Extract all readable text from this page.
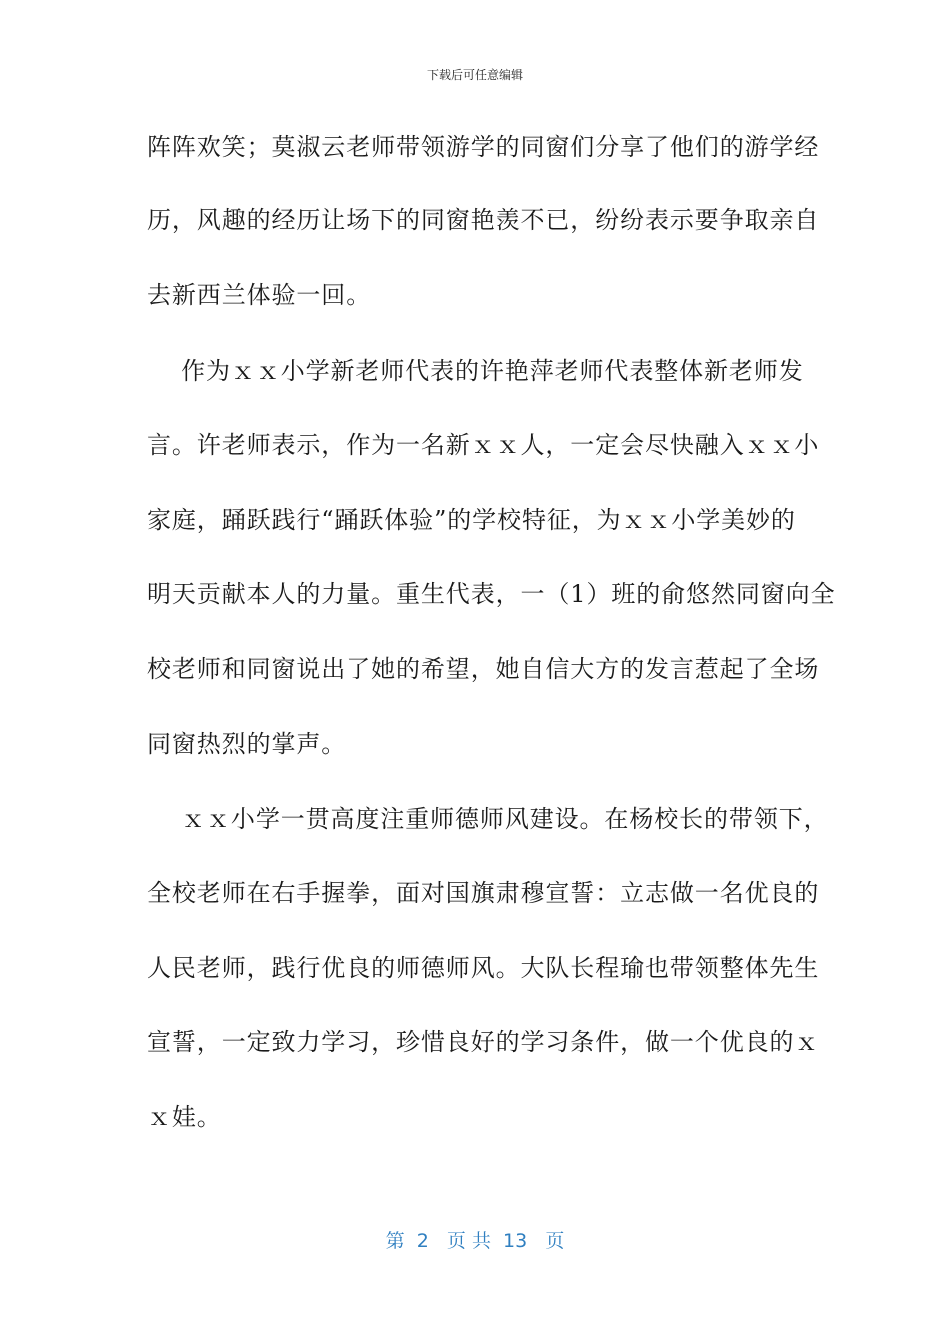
下载后可任意编辑
阵阵欢笑；莫淑云老师带领游学的同窗们分享了他们的游学经
历，风趣的经历让场下的同窗艳羡不已，纷纷表示要争取亲自
去新西兰体验一回。
作为ｘｘ小学新老师代表的许艳萍老师代表整体新老师发
言。许老师表示，作为一名新ｘｘ人，一定会尽快融入ｘｘ小
家庭，踊跃践行“踊跃体验”的学校特征，为ｘｘ小学美妙的
明天贡献本人的力量。重生代表，一（1）班的俞悠然同窗向全
校老师和同窗说出了她的希望，她自信大方的发言惹起了全场
同窗热烈的掌声。
ｘｘ小学一贯高度注重师德师风建设。在杨校长的带领下，
全校老师在右手握拳，面对国旗肃穆宣誓：立志做一名优良的
人民老师，践行优良的师德师风。大队长程瑜也带领整体先生
宣誓，一定致力学习，珍惜良好的学习条件，做一个优良的ｘ
ｘ娃。
第  2   页 共  13   页
